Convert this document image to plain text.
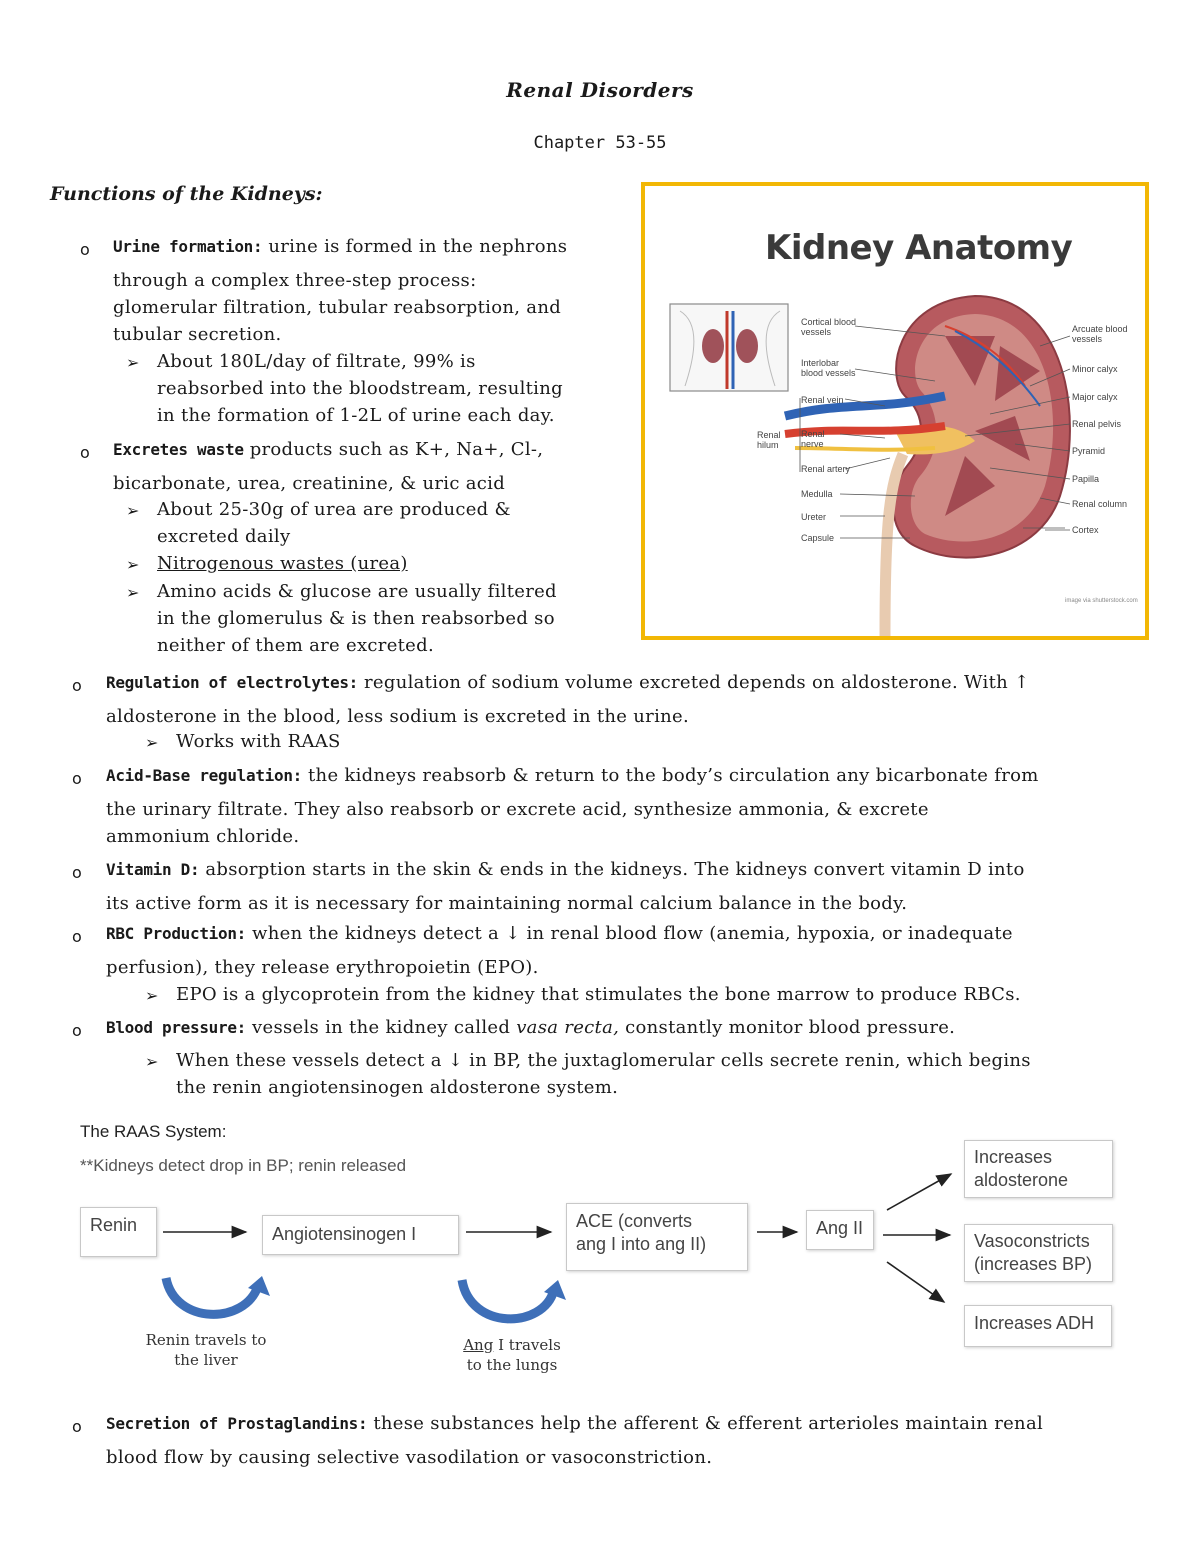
Renal Disorders
Chapter 53-55
Functions of the Kidneys:
o Urine formation: urine is formed in the nephrons
through a complex three-step process:
glomerular filtration, tubular reabsorption, and
tubular secretion.
➢ About 180L/day of filtrate, 99% is
reabsorbed into the bloodstream, resulting
in the formation of 1-2L of urine each day.
o Excretes waste products such as K+, Na+, Cl-,
bicarbonate, urea, creatinine, & uric acid
➢ About 25-30g of urea are produced &
excreted daily
➢ Nitrogenous wastes (urea)
➢ Amino acids & glucose are usually filtered
in the glomerulus & is then reabsorbed so
neither of them are excreted.
Kidney Anatomy
Cortical blood vessels
Interlobar blood vessels
Renal vein
Renal nerve
Renal artery
Medulla
Ureter
Capsule
Renal hilum
Arcuate blood vessels
Minor calyx
Major calyx
Renal pelvis
Pyramid
Papilla
Renal column
Cortex
image via shutterstock.com
o Regulation of electrolytes: regulation of sodium volume excreted depends on aldosterone. With ↑
aldosterone in the blood, less sodium is excreted in the urine.
➢ Works with RAAS
o Acid-Base regulation: the kidneys reabsorb & return to the body’s circulation any bicarbonate from
the urinary filtrate. They also reabsorb or excrete acid, synthesize ammonia, & excrete
ammonium chloride.
o Vitamin D: absorption starts in the skin & ends in the kidneys. The kidneys convert vitamin D into
its active form as it is necessary for maintaining normal calcium balance in the body.
o RBC Production: when the kidneys detect a ↓ in renal blood flow (anemia, hypoxia, or inadequate
perfusion), they release erythropoietin (EPO).
➢ EPO is a glycoprotein from the kidney that stimulates the bone marrow to produce RBCs.
o Blood pressure: vessels in the kidney called vasa recta, constantly monitor blood pressure.
➢ When these vessels detect a ↓ in BP, the juxtaglomerular cells secrete renin, which begins
the renin angiotensinogen aldosterone system.
The RAAS System:
**Kidneys detect drop in BP; renin released
Renin	Angiotensinogen I
ACE (converts
ang I into ang II)
Ang II
Increases
aldosterone
Vasoconstricts
(increases BP)
Increases ADH
Renin travels to
the liver
Ang I travels
to the lungs
o Secretion of Prostaglandins: these substances help the afferent & efferent arterioles maintain renal
blood flow by causing selective vasodilation or vasoconstriction.
